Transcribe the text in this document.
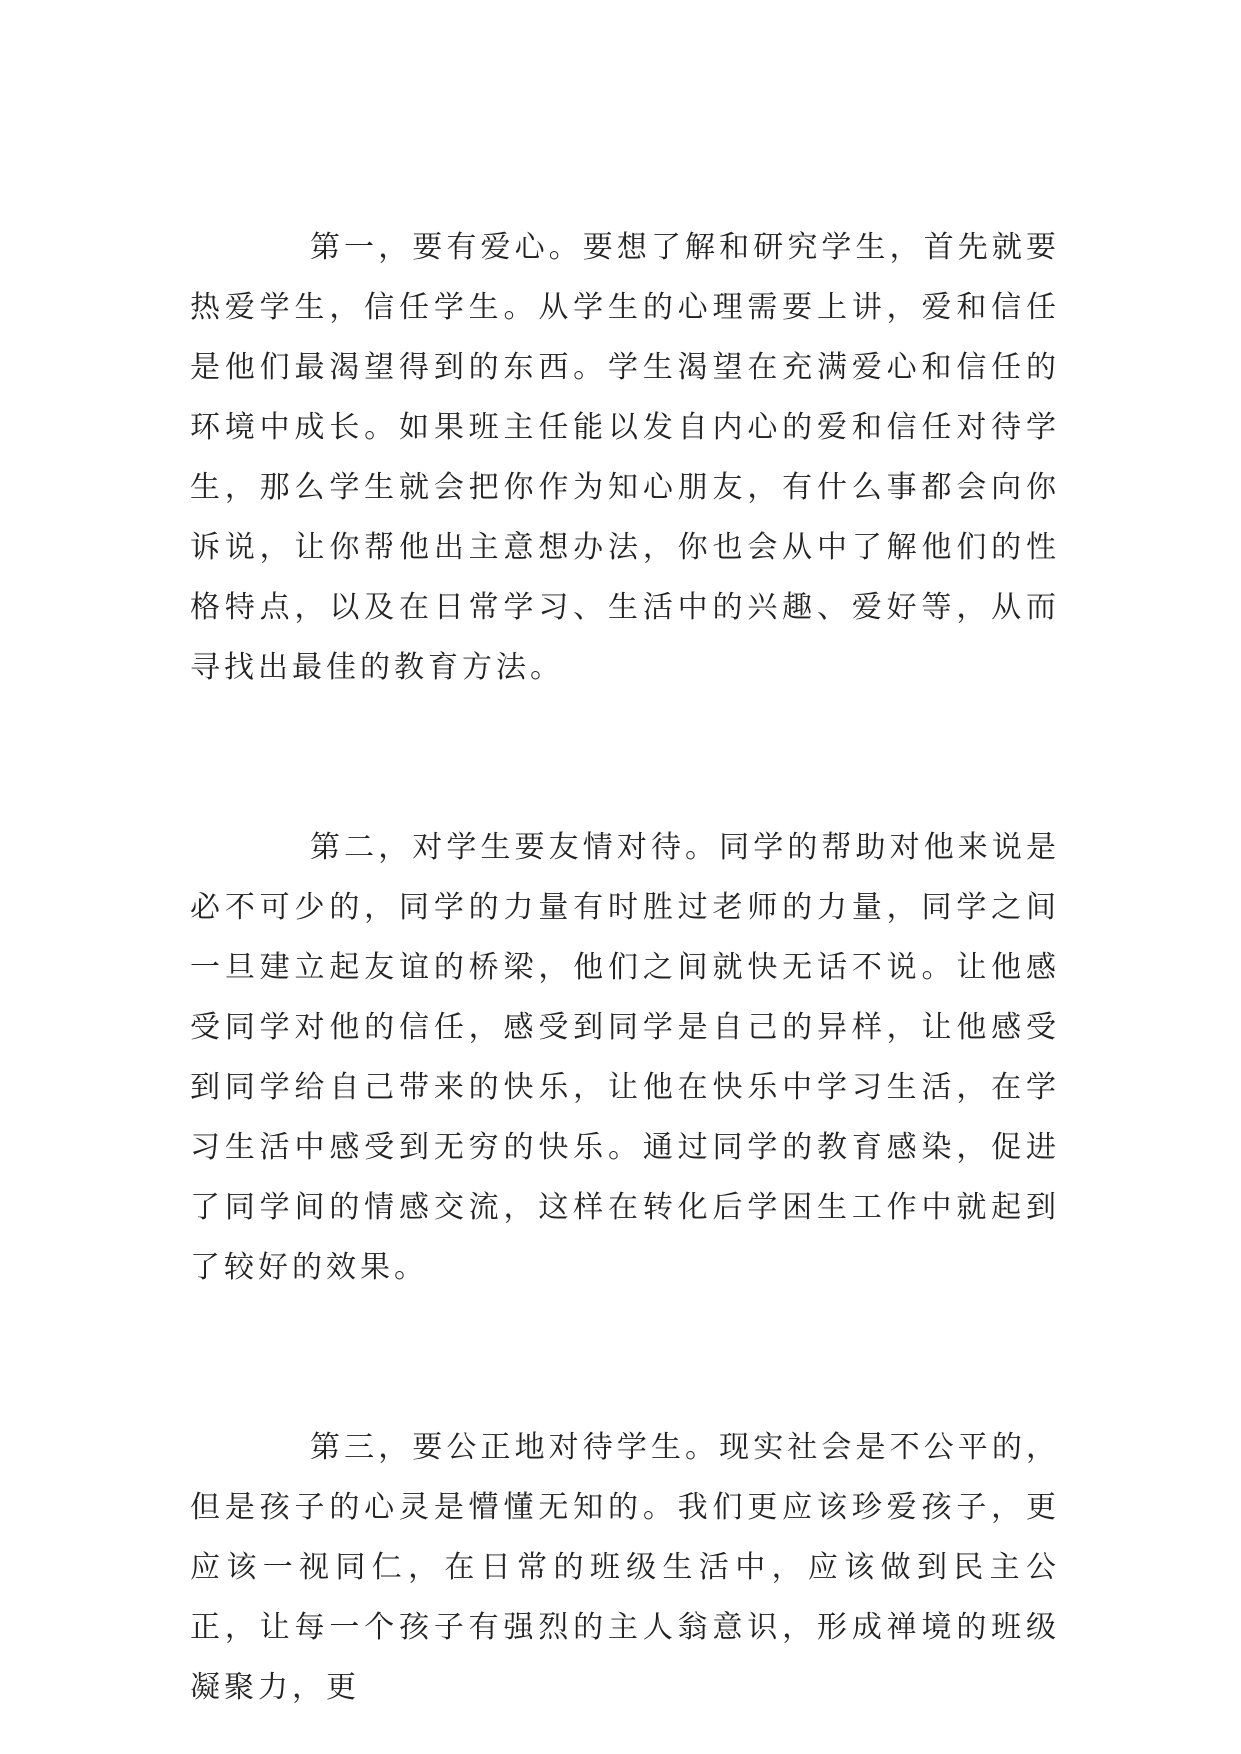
第一，要有爱心。要想了解和研究学生，首先就要热爱学生，信任学生。从学生的心理需要上讲，爱和信任是他们最渴望得到的东西。学生渴望在充满爱心和信任的环境中成长。如果班主任能以发自内心的爱和信任对待学生，那么学生就会把你作为知心朋友，有什么事都会向你诉说，让你帮他出主意想办法，你也会从中了解他们的性格特点，以及在日常学习、生活中的兴趣、爱好等，从而寻找出最佳的教育方法。

第二，对学生要友情对待。同学的帮助对他来说是必不可少的，同学的力量有时胜过老师的力量，同学之间一旦建立起友谊的桥梁，他们之间就快无话不说。让他感受同学对他的信任，感受到同学是自己的异样，让他感受到同学给自己带来的快乐，让他在快乐中学习生活，在学习生活中感受到无穷的快乐。通过同学的教育感染，促进了同学间的情感交流，这样在转化后学困生工作中就起到了较好的效果。

第三，要公正地对待学生。现实社会是不公平的，但是孩子的心灵是懵懂无知的。我们更应该珍爱孩子，更应该一视同仁，在日常的班级生活中，应该做到民主公正，让每一个孩子有强烈的主人翁意识，形成禅境的班级凝聚力，更
